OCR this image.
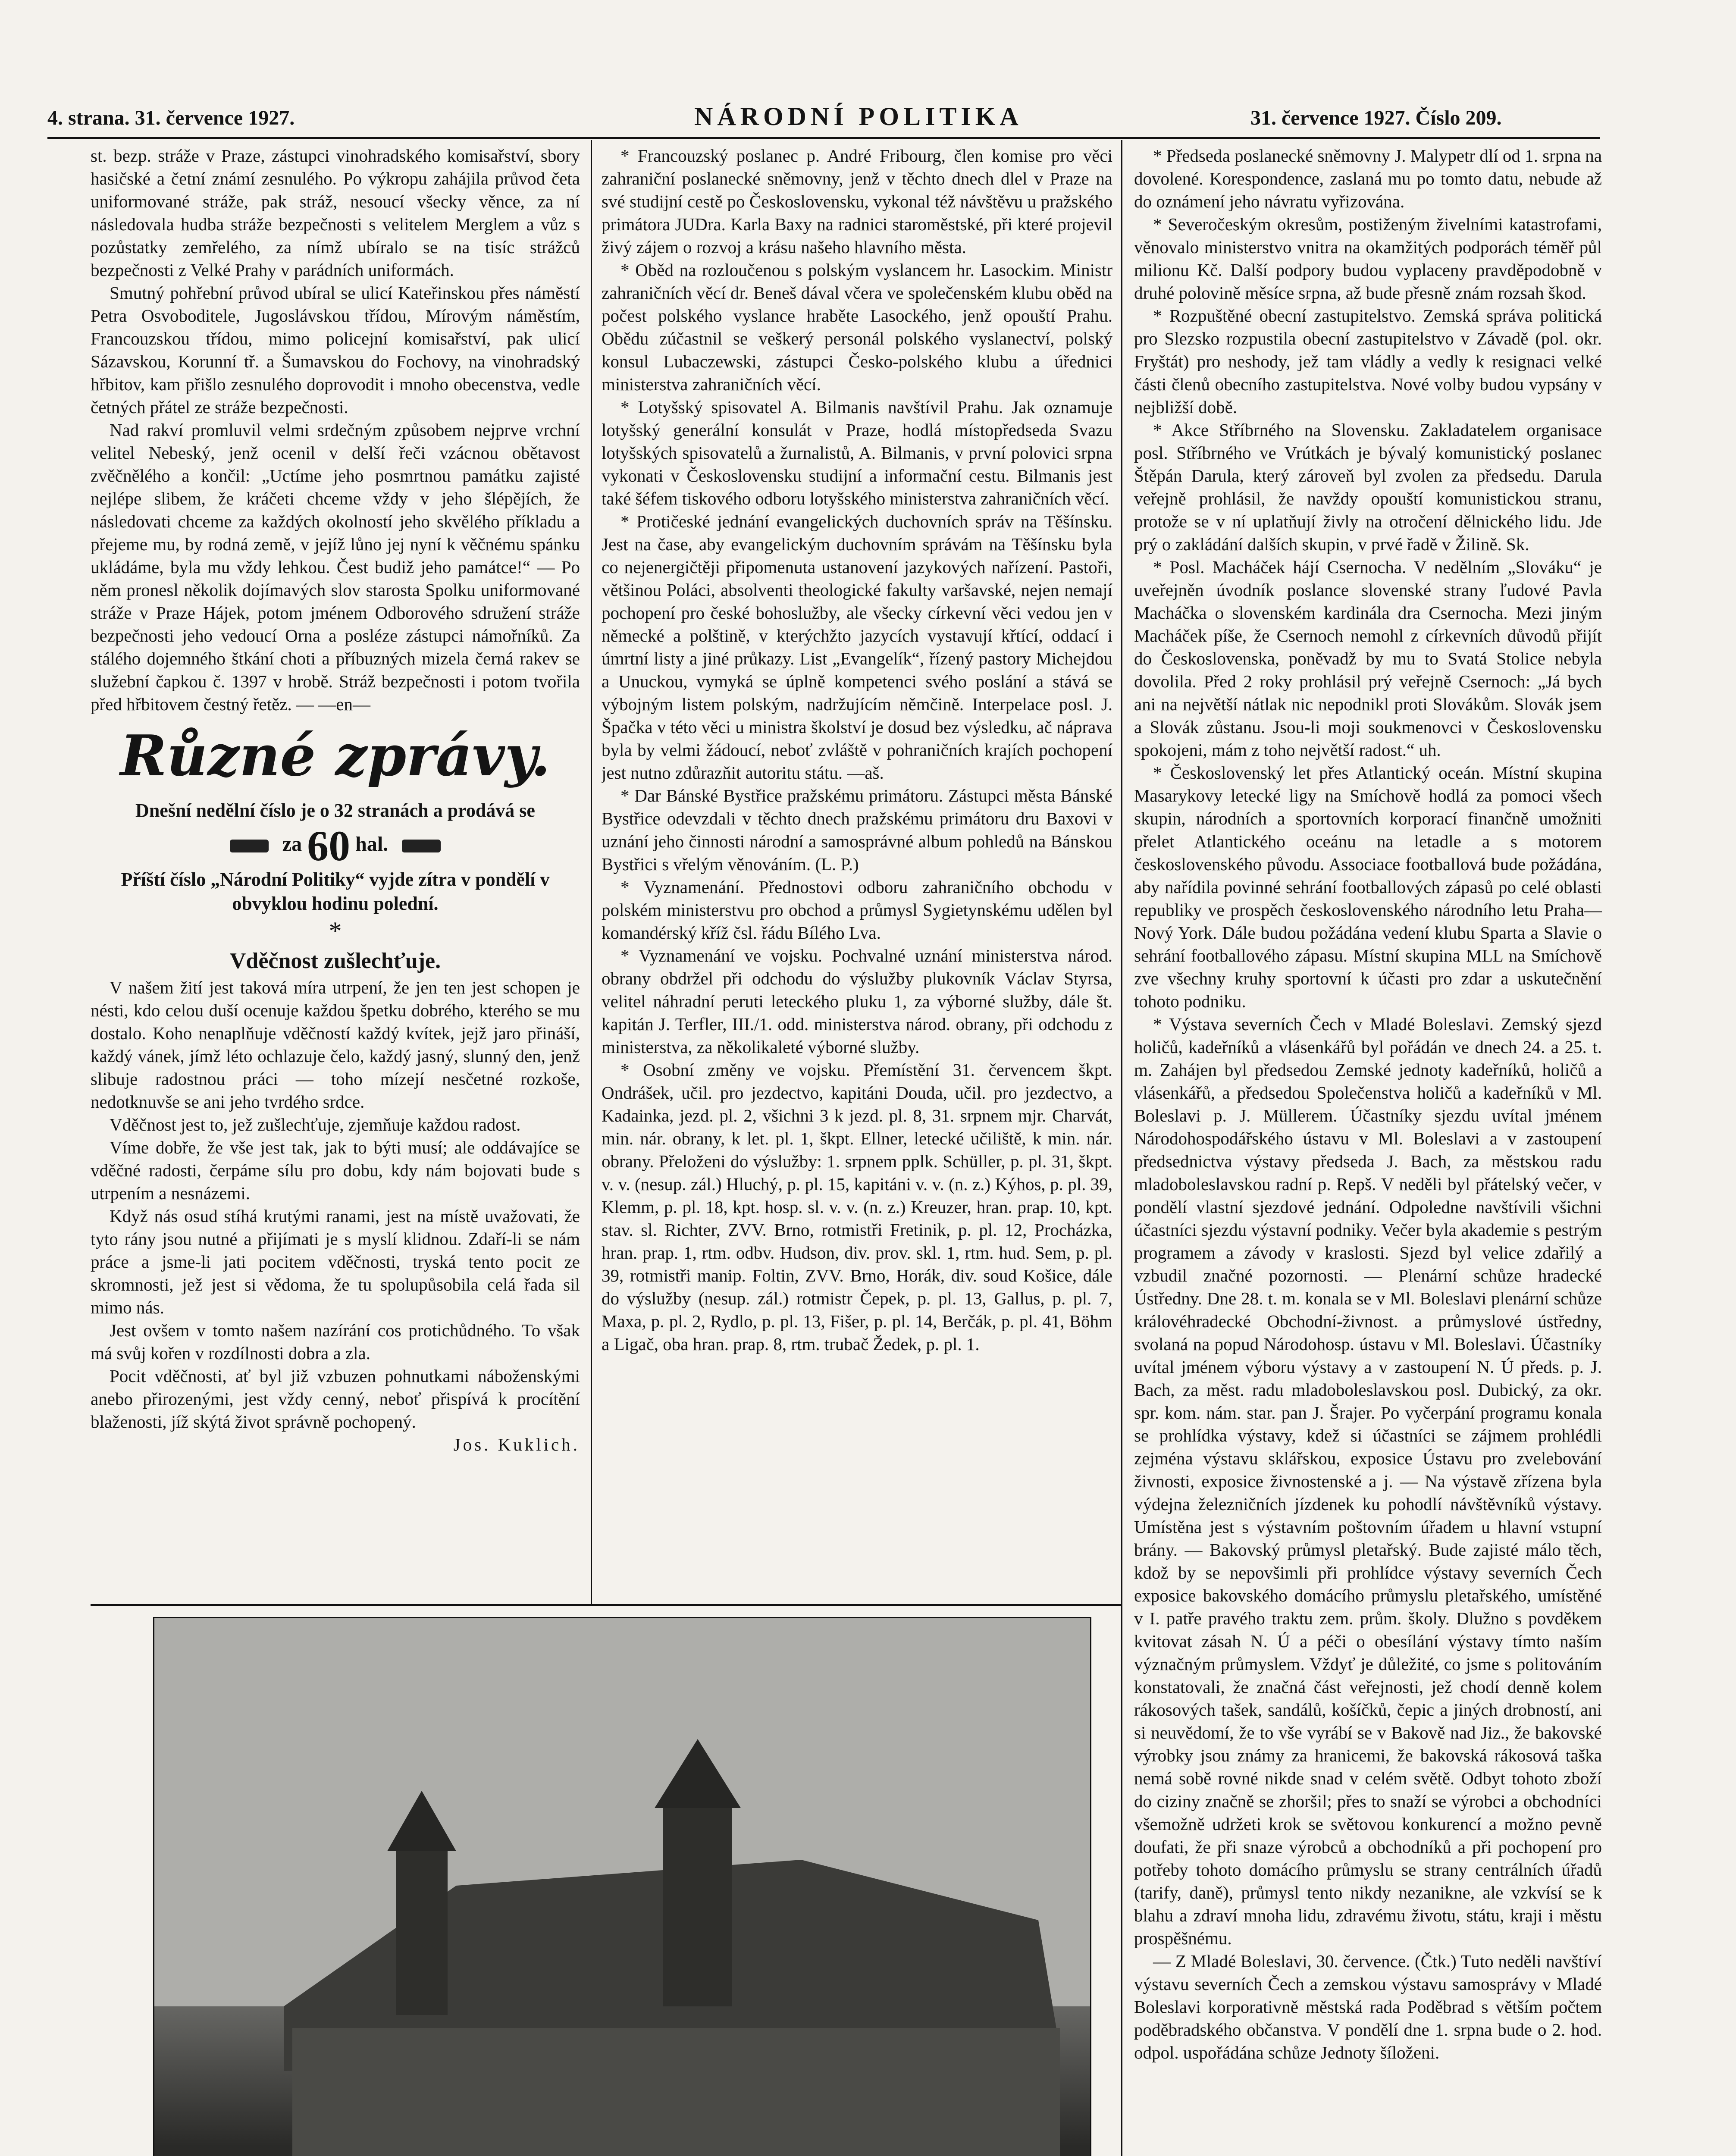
4. strana. 31. července 1927.	NÁRODNÍ POLITIKA	31. července 1927. Číslo 209.

st. bezp. stráže v Praze, zástupci vinohradského komisařství, sbory hasičské a četní známí zesnulého. Po výkropu zahájila průvod četa uniformované stráže, pak stráž, nesoucí všecky věnce, za ní následovala hudba stráže bezpečnosti s velitelem Merglem a vůz s pozůstatky zemřelého, za nímž ubíralo se na tisíc strážců bezpečnosti z Velké Prahy v parádních uniformách.

Smutný pohřební průvod ubíral se ulicí Kateřinskou přes náměstí Petra Osvoboditele, Jugoslávskou třídou, Mírovým náměstím, Francouzskou třídou, mimo policejní komisařství, pak ulicí Sázavskou, Korunní tř. a Šumavskou do Fochovy, na vinohradský hřbitov, kam přišlo zesnulého doprovodit i mnoho obecenstva, vedle četných přátel ze stráže bezpečnosti.

Nad rakví promluvil velmi srdečným způsobem nejprve vrchní velitel Nebeský, jenž ocenil v delší řeči vzácnou obětavost zvěčnělého a končil: „Uctíme jeho posmrtnou památku zajisté nejlépe slibem, že kráčeti chceme vždy v jeho šlépějích, že následovati chceme za každých okolností jeho skvělého příkladu a přejeme mu, by rodná země, v jejíž lůno jej nyní k věčnému spánku ukládáme, byla mu vždy lehkou. Čest budiž jeho památce!“ — Po něm pronesl několik dojímavých slov starosta Spolku uniformované stráže v Praze Hájek, potom jménem Odborového sdružení stráže bezpečnosti jeho vedoucí Orna a posléze zástupci námořníků. Za stálého dojemného štkání choti a příbuzných mizela černá rakev se služební čapkou č. 1397 v hrobě. Stráž bezpečnosti i potom tvořila před hřbitovem čestný řetěz. — —en—

Různé zprávy.

Dnešní nedělní číslo je o 32 stranách a prodává se

za 60 hal.

Příští číslo „Národní Politiky“ vyjde zítra v pondělí v obvyklou hodinu polední.

*

Vděčnost zušlechťuje.

V našem žití jest taková míra utrpení, že jen ten jest schopen je nésti, kdo celou duší ocenuje každou špetku dobrého, kterého se mu dostalo. Koho nenaplňuje vděčností každý kvítek, jejž jaro přináší, každý vánek, jímž léto ochlazuje čelo, každý jasný, slunný den, jenž slibuje radostnou práci — toho mízejí nesčetné rozkoše, nedotknuvše se ani jeho tvrdého srdce.

Vděčnost jest to, jež zušlechťuje, zjemňuje každou radost.

Víme dobře, že vše jest tak, jak to býti musí; ale oddávajíce se vděčné radosti, čerpáme sílu pro dobu, kdy nám bojovati bude s utrpením a nesnázemi.

Když nás osud stíhá krutými ranami, jest na místě uvažovati, že tyto rány jsou nutné a přijímati je s myslí klidnou. Zdaří-li se nám práce a jsme-li jati pocitem vděčnosti, tryská tento pocit ze skromnosti, jež jest si vědoma, že tu spolupůsobila celá řada sil mimo nás.

Jest ovšem v tomto našem nazírání cos protichůdného. To však má svůj kořen v rozdílnosti dobra a zla.

Pocit vděčnosti, ať byl již vzbuzen pohnutkami náboženskými anebo přirozenými, jest vždy cenný, neboť přispívá k procítění blaženosti, jíž skýtá život správně pochopený.

Jos. Kuklich.

* Francouzský poslanec p. André Fribourg, člen komise pro věci zahraniční poslanecké sněmovny, jenž v těchto dnech dlel v Praze na své studijní cestě po Československu, vykonal též návštěvu u pražského primátora JUDra. Karla Baxy na radnici staroměstské, při které projevil živý zájem o rozvoj a krásu našeho hlavního města.

* Oběd na rozloučenou s polským vyslancem hr. Lasockim. Ministr zahraničních věcí dr. Beneš dával včera ve společenském klubu oběd na počest polského vyslance hraběte Lasockého, jenž opouští Prahu. Obědu zúčastnil se veškerý personál polského vyslanectví, polský konsul Lubaczewski, zástupci Česko-polského klubu a úřednici ministerstva zahraničních věcí.

* Lotyšský spisovatel A. Bilmanis navštívil Prahu. Jak oznamuje lotyšský generální konsulát v Praze, hodlá místopředseda Svazu lotyšských spisovatelů a žurnalistů, A. Bilmanis, v první polovici srpna vykonati v Československu studijní a informační cestu. Bilmanis jest také šéfem tiskového odboru lotyšského ministerstva zahraničních věcí.

* Protičeské jednání evangelických duchovních správ na Těšínsku. Jest na čase, aby evangelickým duchovním správám na Těšínsku byla co nejenergičtěji připomenuta ustanovení jazykových nařízení. Pastoři, většinou Poláci, absolventi theologické fakulty varšavské, nejen nemají pochopení pro české bohoslužby, ale všecky církevní věci vedou jen v německé a polštině, v kterýchžto jazycích vystavují křtící, oddací i úmrtní listy a jiné průkazy. List „Evangelík“, řízený pastory Michejdou a Unuckou, vymyká se úplně kompetenci svého poslání a stává se výbojným listem polským, nadržujícím němčině. Interpelace posl. J. Špačka v této věci u ministra školství je dosud bez výsledku, ač nápravа byla by velmi žádoucí, neboť zvláště v pohraničních krajích pochopení jest nutno zdůrazňit autoritu státu. —aš.

* Dar Bánské Bystřice pražskému primátoru. Zástupci města Bánské Bystřice odevzdali v těchto dnech pražskému primátoru dru Baxovi v uznání jeho činnosti národní a samosprávné album pohledů na Bánskou Bystřici s vřelým věnováním. (L. P.)

* Vyznamenání. Přednostovi odboru zahraničního obchodu v polském ministerstvu pro obchod a průmysl Sygietynskému udělen byl komandérský kříž čsl. řádu Bílého Lva.

* Vyznamenání ve vojsku. Pochvalné uznání ministerstva národ. obrany obdržel při odchodu do výslužby plukovník Václav Styrsa, velitel náhradní peruti leteckého pluku 1, za výborné služby, dále št. kapitán J. Terfler, III./1. odd. ministerstva národ. obrany, při odchodu z ministerstva, za několikaleté výborné služby.

* Osobní změny ve vojsku. Přemístění 31. červencem škpt. Ondrášek, učil. pro jezdectvo, kapitáni Douda, učil. pro jezdectvo, a Kadainka, jezd. pl. 2, všichni 3 k jezd. pl. 8, 31. srpnem mjr. Charvát, min. nár. obrany, k let. pl. 1, škpt. Ellner, letecké učiliště, k min. nár. obrany. Přeloženi do výslužby: 1. srpnem pplk. Schüller, p. pl. 31, škpt. v. v. (nesup. zál.) Hluchý, p. pl. 15, kapitáni v. v. (n. z.) Kýhos, p. pl. 39, Klemm, p. pl. 18, kpt. hosp. sl. v. v. (n. z.) Kreuzer, hran. prap. 10, kpt. stav. sl. Richter, ZVV. Brno, rotmistři Fretinik, p. pl. 12, Procházka, hran. prap. 1, rtm. odbv. Hudson, div. prov. skl. 1, rtm. hud. Sem, p. pl. 39, rotmistři manip. Foltin, ZVV. Brno, Horák, div. soud Košice, dále do výslužby (nesup. zál.) rotmistr Čepek, p. pl. 13, Gallus, p. pl. 7, Maxa, p. pl. 2, Rydlo, p. pl. 13, Fišer, p. pl. 14, Berčák, p. pl. 41, Böhm a Ligač, oba hran. prap. 8, rtm. trubač Žedek, p. pl. 1.

* Předseda poslanecké sněmovny J. Malypetr dlí od 1. srpna na dovolené. Korespondence, zaslaná mu po tomto datu, nebude až do oznámení jeho návratu vyřizována.

* Severočeským okresům, postiženým živelními katastrofami, věnovalo ministerstvo vnitra na okamžitých podporách téměř půl milionu Kč. Další podpory budou vyplaceny pravděpodobně v druhé polovině měsíce srpna, až bude přesně znám rozsah škod.

* Rozpuštěné obecní zastupitelstvo. Zemská správa politická pro Slezsko rozpustila obecní zastupitelstvo v Závadě (pol. okr. Fryštát) pro neshody, jež tam vládly a vedly k resignaci velké části členů obecního zastupitelstva. Nové volby budou vypsány v nejbližší době.

* Akce Stříbrného na Slovensku. Zakladatelem organisace posl. Stříbrného ve Vrútkách je bývalý komunistický poslanec Štěpán Darula, který zároveň byl zvolen za předsedu. Darula veřejně prohlásil, že navždy opouští komunistickou stranu, protože se v ní uplatňují živly na otročení dělnického lidu. Jde prý o zakládání dalších skupin, v prvé řadě v Žilině. Sk.

* Posl. Macháček hájí Csernocha. V nedělním „Slováku“ je uveřejněn úvodník poslance slovenské strany ľudové Pavla Macháčka o slovenském kardinála dra Csernocha. Mezi jiným Macháček píše, že Csernoch nemohl z církevních důvodů přijít do Československa, poněvadž by mu to Svatá Stolice nebyla dovolila. Před 2 roky prohlásil prý veřejně Csernoch: „Já bych ani na největší nátlak nic nepodnikl proti Slovákům. Slovák jsem a Slovák zůstanu. Jsou-li moji soukmenovci v Československu spokojeni, mám z toho největší radost.“ uh.

* Československý let přes Atlantický oceán. Místní skupina Masarykovy letecké ligy na Smíchově hodlá za pomoci všech skupin, národních a sportovních korporací finančně umožniti přelet Atlantického oceánu na letadle a s motorem československého původu. Associace footballová bude požádána, aby nařídila povinné sehrání footballových zápasů po celé oblasti republiky ve prospěch československého národního letu Praha—Nový York. Dále budou požádána vedení klubu Sparta a Slavie o sehrání footballového zápasu. Místní skupina MLL na Smíchově zve všechny kruhy sportovní k účasti pro zdar a uskutečnění tohoto podniku.

* Výstava severních Čech v Mladé Boleslavi. Zemský sjezd holičů, kadeřníků a vlásenkářů byl pořádán ve dnech 24. a 25. t. m. Zahájen byl předsedou Zemské jednoty kadeřníků, holičů a vlásenkářů, a předsedou Společenstva holičů a kadeřníků v Ml. Boleslavi p. J. Müllerem. Účastníky sjezdu uvítal jménem Národohospodářského ústavu v Ml. Boleslavi a v zastoupení předsednictva výstavy předseda J. Bach, za městskou radu mladoboleslavskou radní p. Repš. V neděli byl přátelský večer, v pondělí vlastní sjezdové jednání. Odpoledne navštívili všichni účastníci sjezdu výstavní podniky. Večer byla akademie s pestrým programem a závody v kraslosti. Sjezd byl velice zdařilý a vzbudil značné pozornosti. — Plenární schůze hradecké Ústředny. Dne 28. t. m. konala se v Ml. Boleslavi plenární schůze královéhradecké Obchodní-živnost. a průmyslové ústředny, svolaná na popud Národohosp. ústavu v Ml. Boleslavi. Účastníky uvítal jménem výboru výstavy a v zastoupení N. Ú předs. p. J. Bach, za měst. radu mladoboleslavskou posl. Dubický, za okr. spr. kom. nám. star. pan J. Šrajer. Po vyčerpání programu konala se prohlídka výstavy, kdež si účastníci se zájmem prohlédli zejména výstavu sklářskou, exposice Ústavu pro zvelebování živnosti, exposice živnostenské a j. — Na výstavě zřízena byla výdejna železničních jízdenek ku pohodlí návštěvníků výstavy. Umístěna jest s výstavním poštovním úřadem u hlavní vstupní brány. — Bakovský průmysl pletařský. Bude zajisté málo těch, kdož by se nepovšimli při prohlídce výstavy severních Čech exposice bakovského domácího průmyslu pletařského, umístěné v I. patře pravého traktu zem. prům. školy. Dlužno s povděkem kvitovat zásah N. Ú a péči o obesílání výstavy tímto naším význačným průmyslem. Vždyť je důležité, co jsme s politováním konstatovali, že značná část veřejnosti, jež chodí denně kolem rákosových tašek, sandálů, košíčků, čepic a jiných drobností, ani si neuvědomí, že to vše vyrábí se v Bakově nad Jiz., že bakovské výrobky jsou známy za hranicemi, že bakovská rákosová taška nemá sobě rovné nikde snad v celém světě. Odbyt tohoto zboží do ciziny značně se zhoršil; přes to snaží se výrobci a obchodníci všemožně udržeti krok se světovou konkurencí a možno pevně doufati, že při snaze výrobců a obchodníků a při pochopení pro potřeby tohoto domácího průmyslu se strany centrálních úřadů (tarify, daně), průmysl tento nikdy nezanikne, ale vzkvísí se k blahu a zdraví mnoha lidu, zdravému životu, státu, kraji i městu prospěšnému.

— Z Mladé Boleslavi, 30. července. (Čtk.) Tuto neděli navštíví výstavu severních Čech a zemskou výstavu samosprávy v Mladé Boleslavi korporativně městská rada Poděbrad s větším počtem poděbradského občanstva. V pondělí dne 1. srpna bude o 2. hod. odpol. uspořádána schůze Jednoty šíloženi.
